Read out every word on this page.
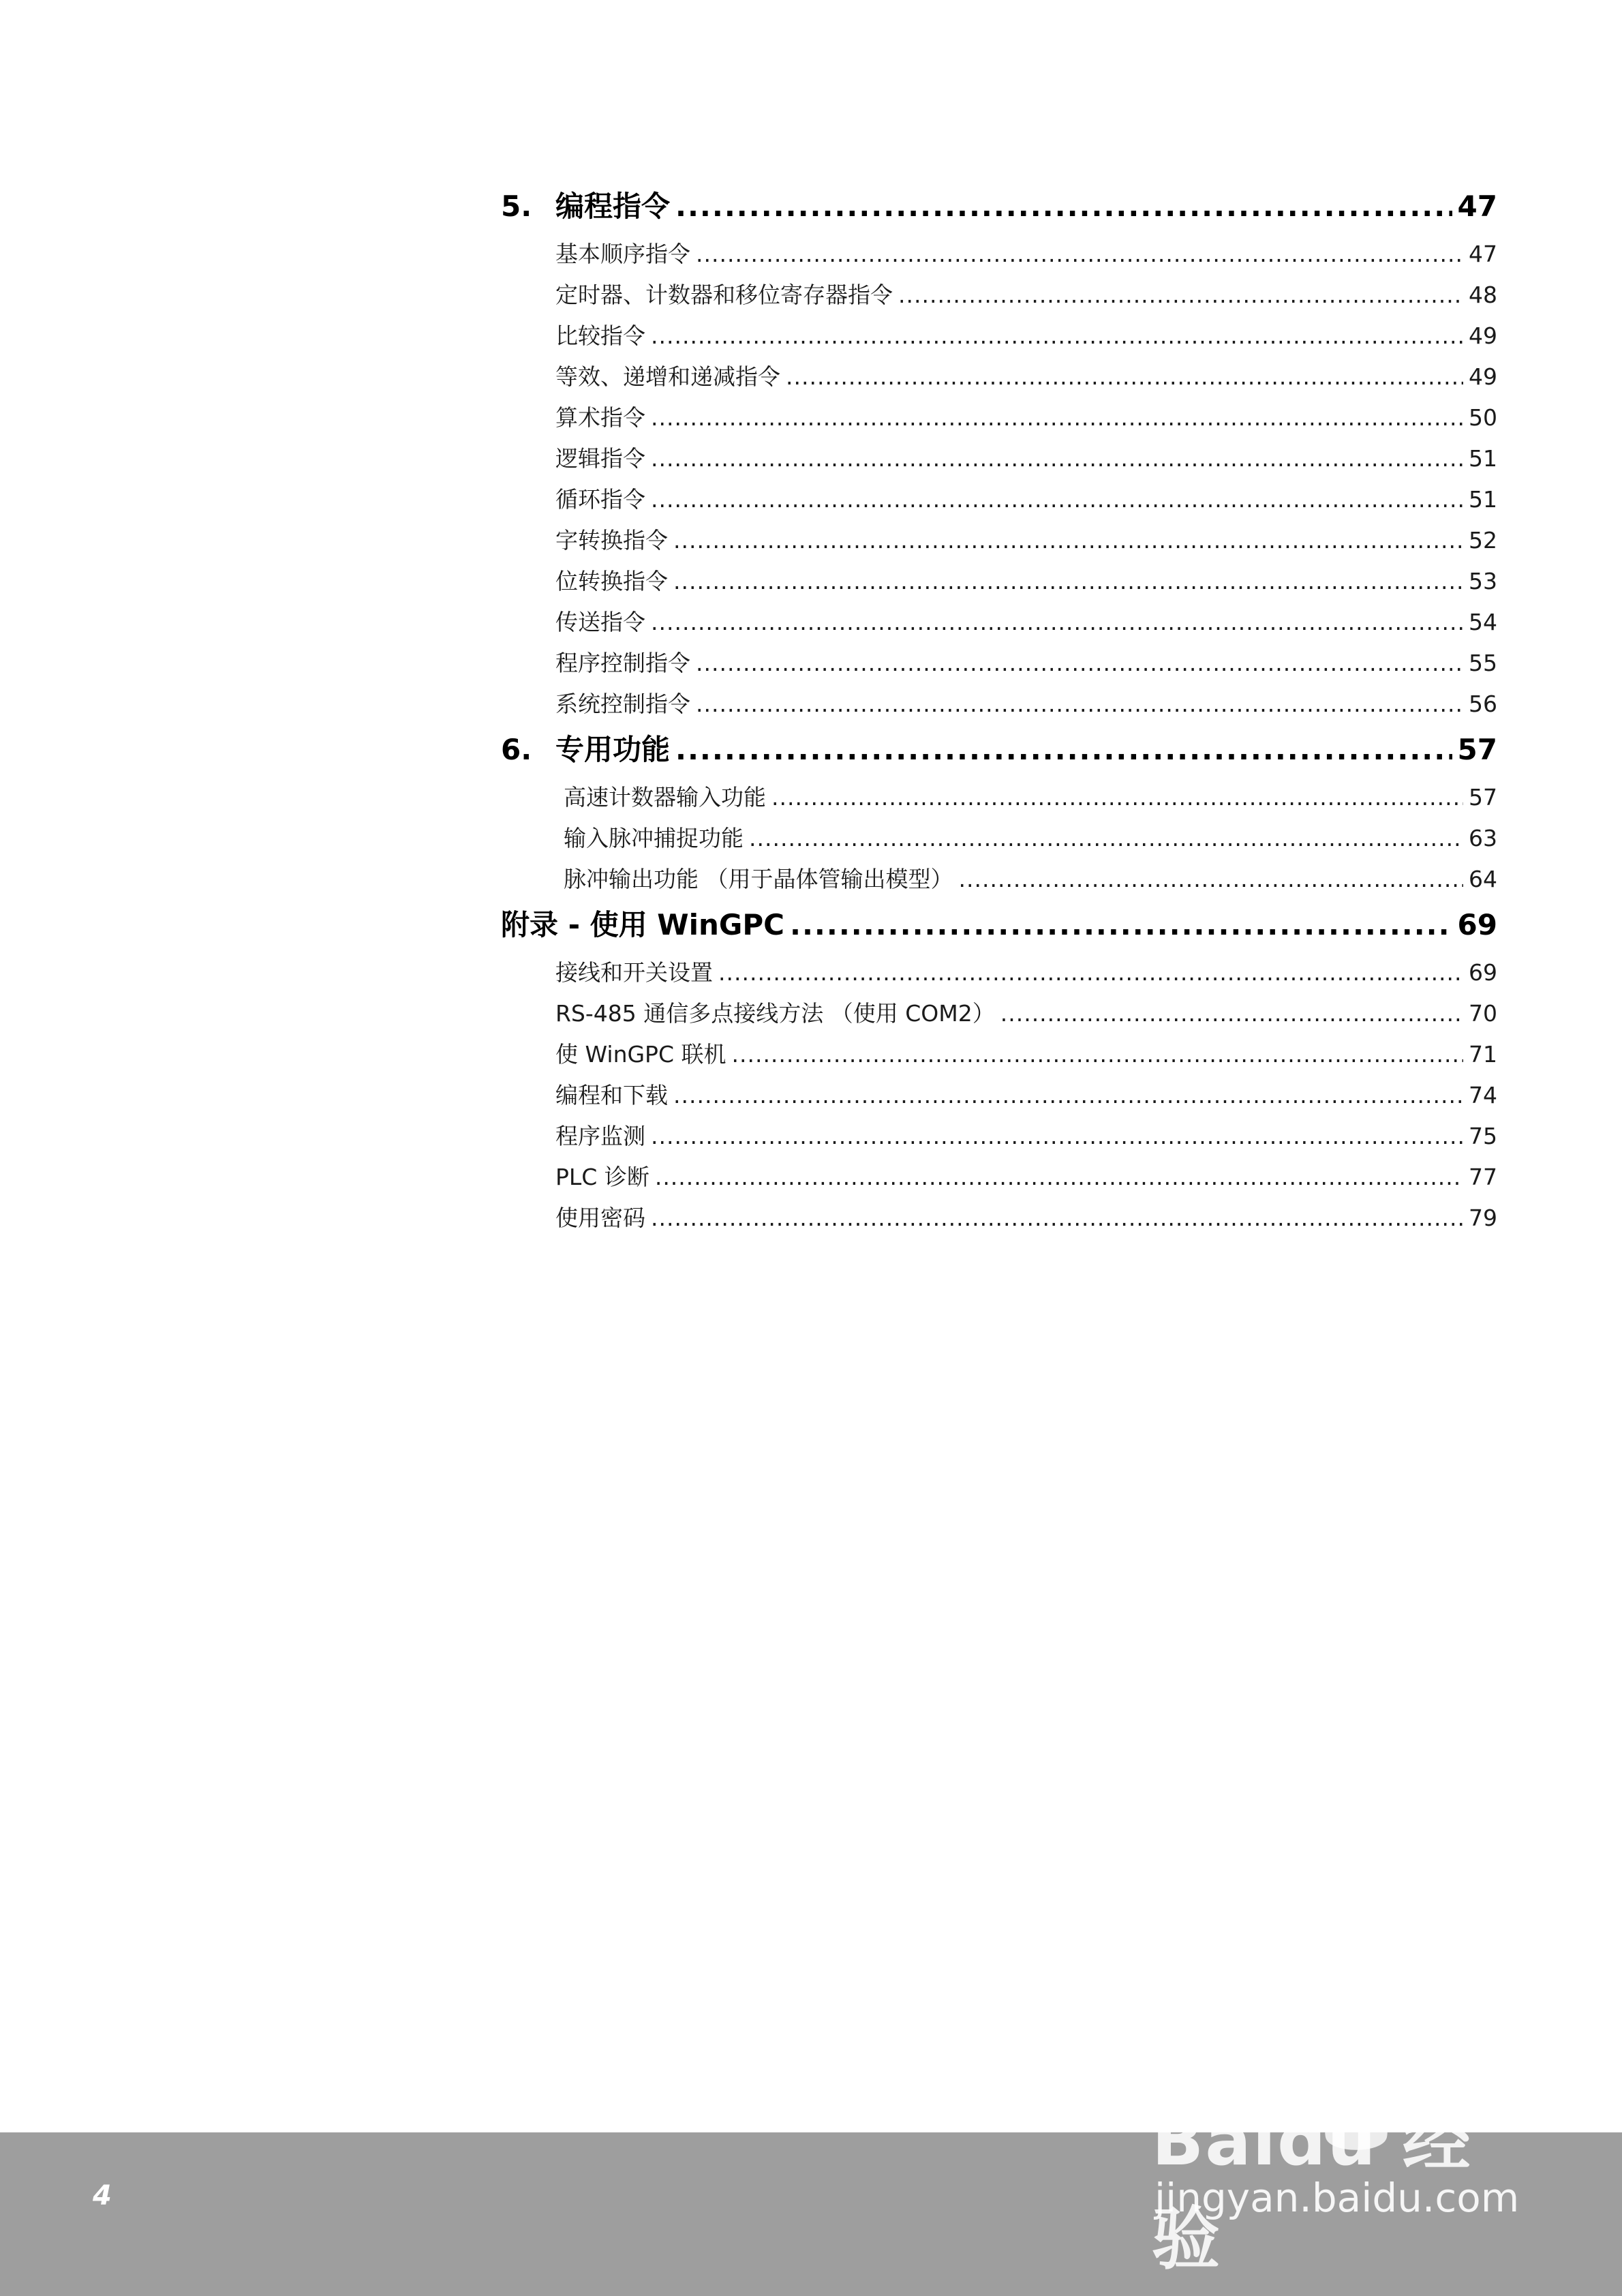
5. 编程指令 .....	47
基本顺序指令 .....	47
定时器、计数器和移位寄存器指令 .....	48
比较指令 .....	49
等效、递增和递减指令 .....	49
算术指令 .....	50
逻辑指令 .....	51
循环指令 .....	51
字转换指令 .....	52
位转换指令 .....	53
传送指令 .....	54
程序控制指令 .....	55
系统控制指令 .....	56
6. 专用功能 .....	57
高速计数器输入功能 .....	57
输入脉冲捕捉功能 .....	63
脉冲输出功能 （用于晶体管输出模型） .....	64
附录 - 使用 WinGPC .....	69
接线和开关设置 .....	69
RS-485 通信多点接线方法 （使用 COM2） .....	70
使 WinGPC 联机 .....	71
编程和下载 .....	74
程序监测 .....	75
PLC 诊断 .....	77
使用密码 .....	79
4
Baidu 经验
jingyan.baidu.com
